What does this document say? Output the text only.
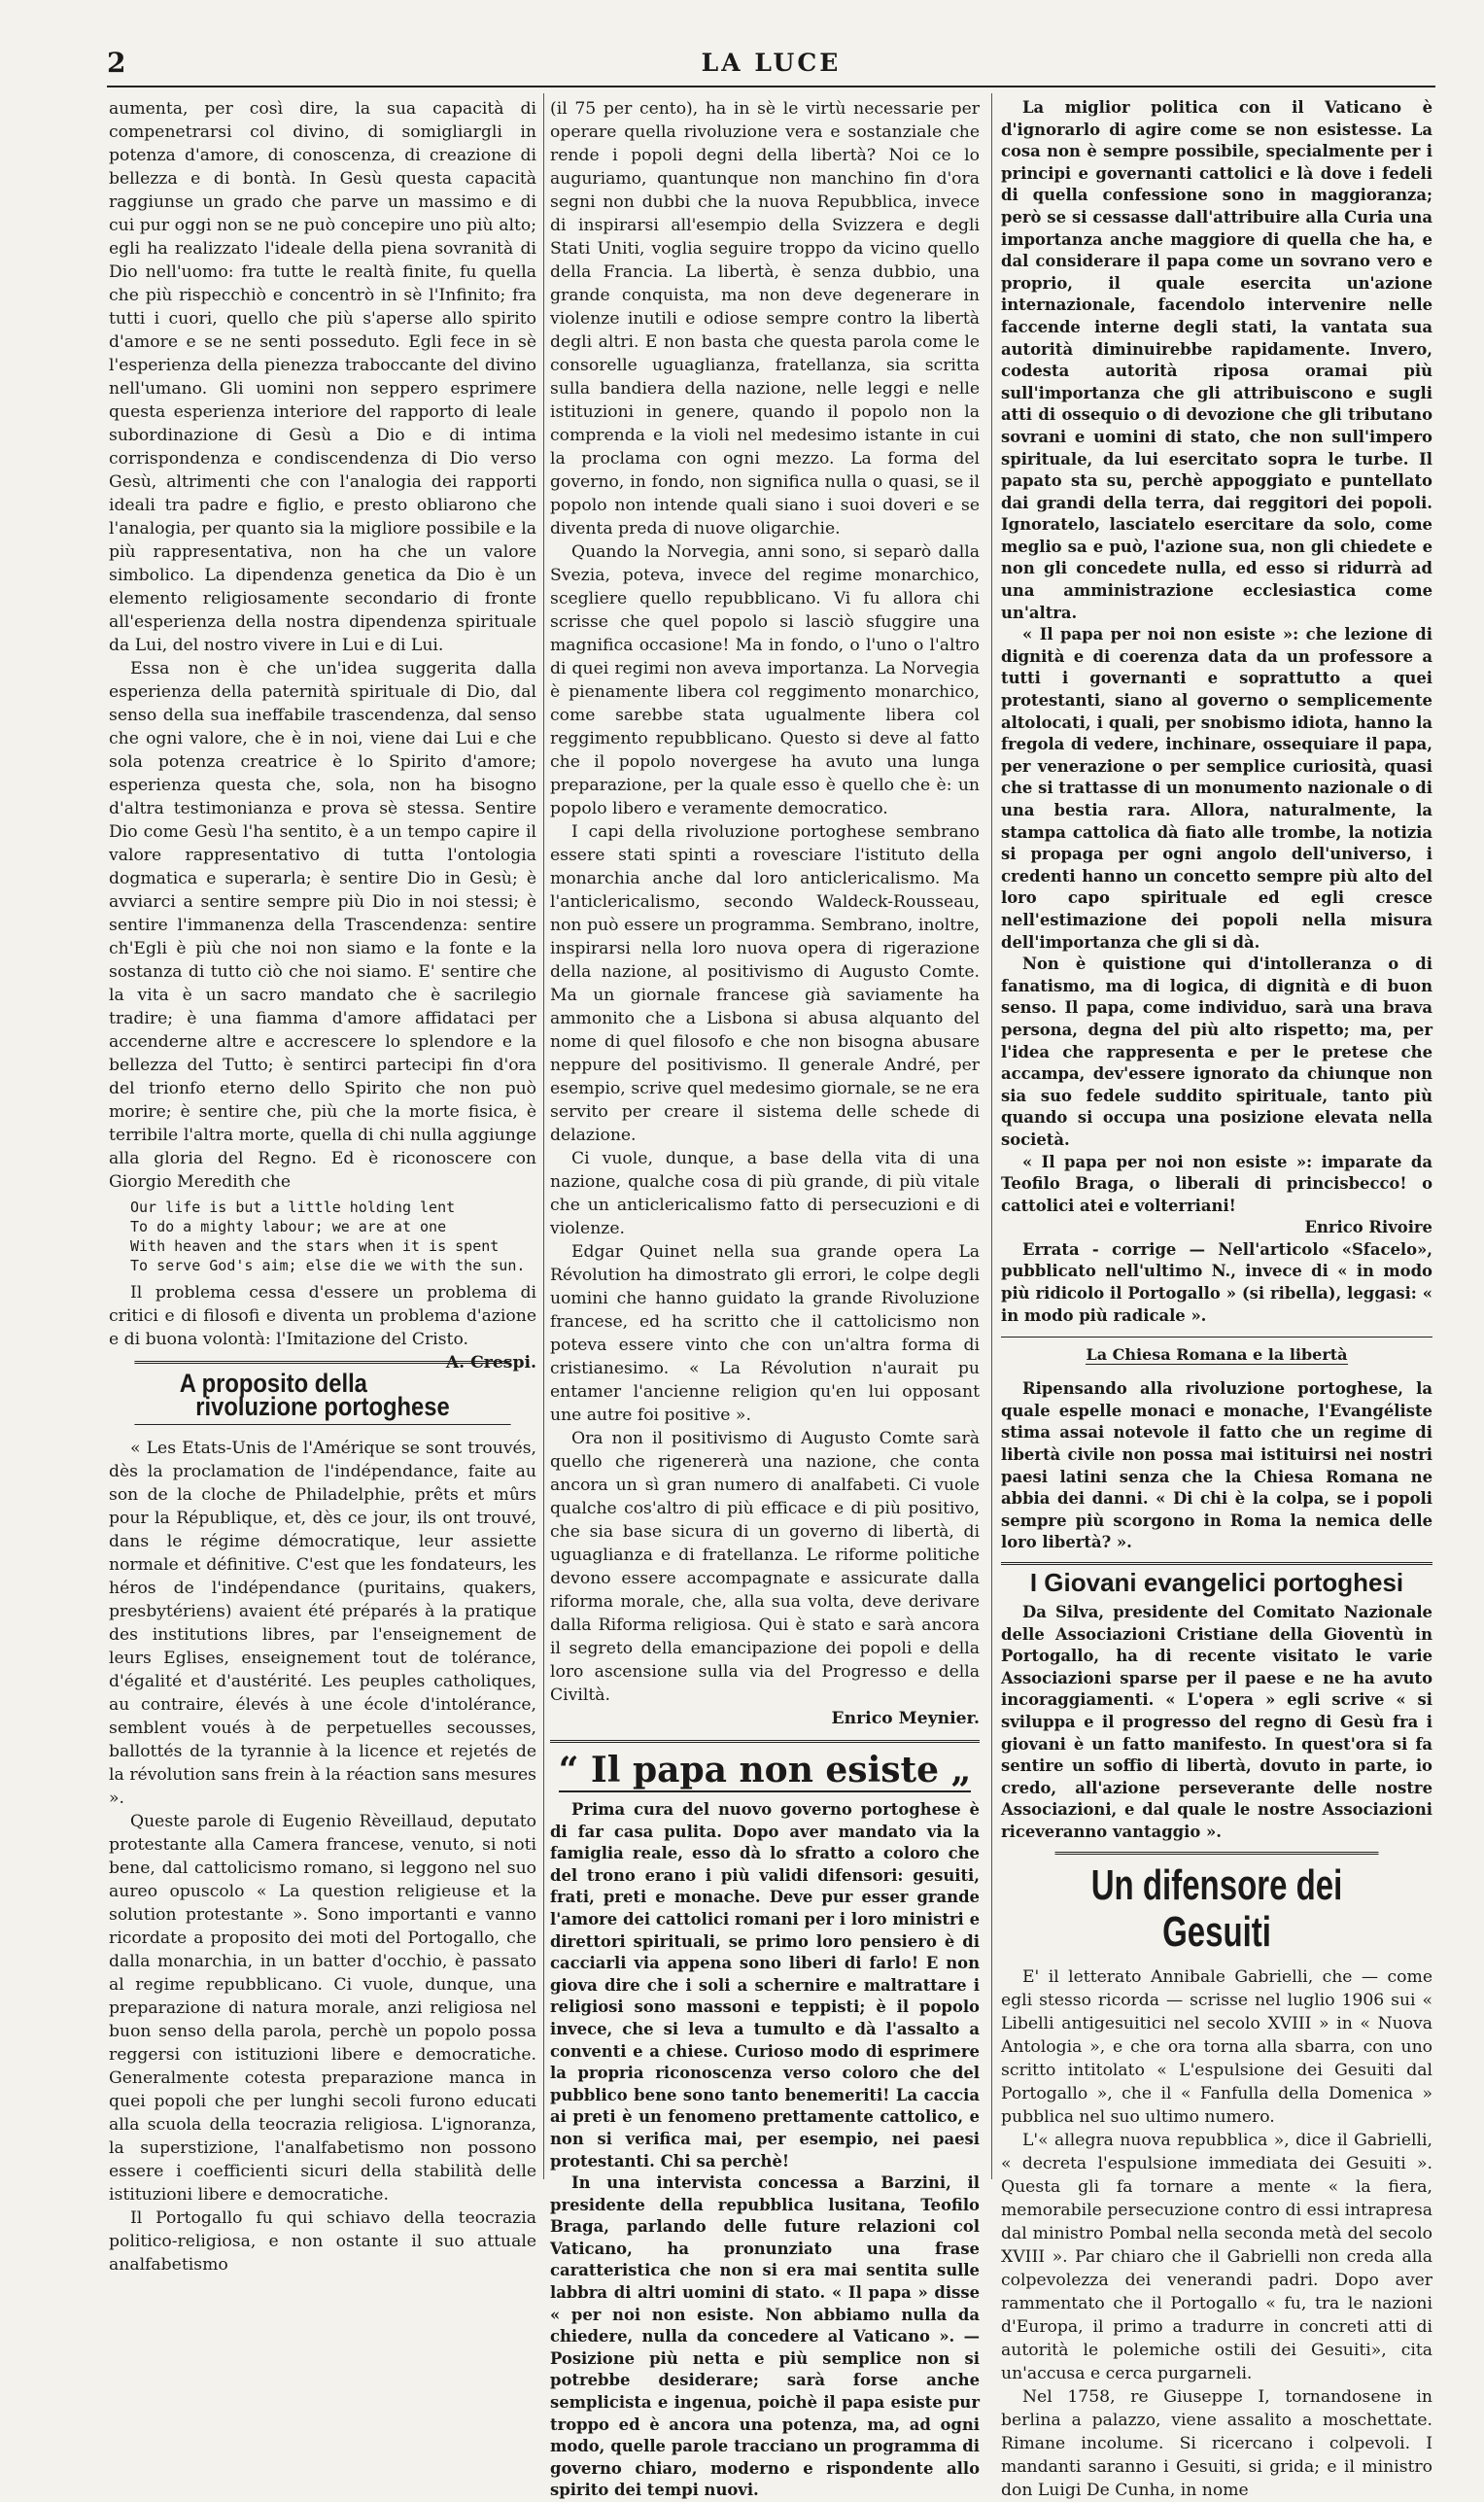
2	LA LUCE

aumenta, per così dire, la sua capacità di compenetrarsi col divino, di somigliargli in potenza d'amore, di conoscenza, di creazione di bellezza e di bontà. In Gesù questa capacità raggiunse un grado che parve un massimo e di cui pur oggi non se ne può concepire uno più alto; egli ha realizzato l'ideale della piena sovranità di Dio nell'uomo: fra tutte le realtà finite, fu quella che più rispecchiò e concentrò in sè l'Infinito; fra tutti i cuori, quello che più s'aperse allo spirito d'amore e se ne senti posseduto. Egli fece in sè l'esperienza della pienezza traboccante del divino nell'umano. Gli uomini non seppero esprimere questa esperienza interiore del rapporto di leale subordinazione di Gesù a Dio e di intima corrispondenza e condiscendenza di Dio verso Gesù, altrimenti che con l'analogia dei rapporti ideali tra padre e figlio, e presto obliarono che l'analogia, per quanto sia la migliore possibile e la più rappresentativa, non ha che un valore simbolico. La dipendenza genetica da Dio è un elemento religiosamente secondario di fronte all'esperienza della nostra dipendenza spirituale da Lui, del nostro vivere in Lui e di Lui.

Essa non è che un'idea suggerita dalla esperienza della paternità spirituale di Dio, dal senso della sua ineffabile trascendenza, dal senso che ogni valore, che è in noi, viene dai Lui e che sola potenza creatrice è lo Spirito d'amore; esperienza questa che, sola, non ha bisogno d'altra testimonianza e prova sè stessa. Sentire Dio come Gesù l'ha sentito, è a un tempo capire il valore rappresentativo di tutta l'ontologia dogmatica e superarla; è sentire Dio in Gesù; è avviarci a sentire sempre più Dio in noi stessi; è sentire l'immanenza della Trascendenza: sentire ch'Egli è più che noi non siamo e la fonte e la sostanza di tutto ciò che noi siamo. E' sentire che la vita è un sacro mandato che è sacrilegio tradire; è una fiamma d'amore affidataci per accenderne altre e accrescere lo splendore e la bellezza del Tutto; è sentirci partecipi fin d'ora del trionfo eterno dello Spirito che non può morire; è sentire che, più che la morte fisica, è terribile l'altra morte, quella di chi nulla aggiunge alla gloria del Regno. Ed è riconoscere con Giorgio Meredith che

Our life is but a little holding lent
To do a mighty labour; we are at one
With heaven and the stars when it is spent
To serve God's aim; else die we with the sun.

Il problema cessa d'essere un problema di critici e di filosofi e diventa un problema d'azione e di buona volontà: l'Imitazione del Cristo.
A. Crespi.

A proposito della rivoluzione portoghese

« Les Etats-Unis de l'Amérique se sont trouvés, dès la proclamation de l'indépendance, faite au son de la cloche de Philadelphie, prêts et mûrs pour la République, et, dès ce jour, ils ont trouvé, dans le régime démocratique, leur assiette normale et définitive. C'est que les fondateurs, les héros de l'indépendance (puritains, quakers, presbytériens) avaient été préparés à la pratique des institutions libres, par l'enseignement de leurs Eglises, enseignement tout de tolérance, d'égalité et d'austérité. Les peuples catholiques, au contraire, élevés à une école d'intolérance, semblent voués à de perpetuelles secousses, ballottés de la tyrannie à la licence et rejetés de la révolution sans frein à la réaction sans mesures ».

Queste parole di Eugenio Rèveillaud, deputato protestante alla Camera francese, venuto, si noti bene, dal cattolicismo romano, si leggono nel suo aureo opuscolo « La question religieuse et la solution protestante ». Sono importanti e vanno ricordate a proposito dei moti del Portogallo, che dalla monarchia, in un batter d'occhio, è passato al regime repubblicano. Ci vuole, dunque, una preparazione di natura morale, anzi religiosa nel buon senso della parola, perchè un popolo possa reggersi con istituzioni libere e democratiche. Generalmente cotesta preparazione manca in quei popoli che per lunghi secoli furono educati alla scuola della teocrazia religiosa. L'ignoranza, la superstizione, l'analfabetismo non possono essere i coefficienti sicuri della stabilità delle istituzioni libere e democratiche.

Il Portogallo fu qui schiavo della teocrazia politico-religiosa, e non ostante il suo attuale analfabetismo

(il 75 per cento), ha in sè le virtù necessarie per operare quella rivoluzione vera e sostanziale che rende i popoli degni della libertà? Noi ce lo auguriamo, quantunque non manchino fin d'ora segni non dubbi che la nuova Repubblica, invece di inspirarsi all'esempio della Svizzera e degli Stati Uniti, voglia seguire troppo da vicino quello della Francia. La libertà, è senza dubbio, una grande conquista, ma non deve degenerare in violenze inutili e odiose sempre contro la libertà degli altri. E non basta che questa parola come le consorelle uguaglianza, fratellanza, sia scritta sulla bandiera della nazione, nelle leggi e nelle istituzioni in genere, quando il popolo non la comprenda e la violi nel medesimo istante in cui la proclama con ogni mezzo. La forma del governo, in fondo, non significa nulla o quasi, se il popolo non intende quali siano i suoi doveri e se diventa preda di nuove oligarchie.

Quando la Norvegia, anni sono, si separò dalla Svezia, poteva, invece del regime monarchico, scegliere quello repubblicano. Vi fu allora chi scrisse che quel popolo si lasciò sfuggire una magnifica occasione! Ma in fondo, o l'uno o l'altro di quei regimi non aveva importanza. La Norvegia è pienamente libera col reggimento monarchico, come sarebbe stata ugualmente libera col reggimento repubblicano. Questo si deve al fatto che il popolo novergese ha avuto una lunga preparazione, per la quale esso è quello che è: un popolo libero e veramente democratico.

I capi della rivoluzione portoghese sembrano essere stati spinti a rovesciare l'istituto della monarchia anche dal loro anticlericalismo. Ma l'anticlericalismo, secondo Waldeck-Rousseau, non può essere un programma. Sembrano, inoltre, inspirarsi nella loro nuova opera di rigerazione della nazione, al positivismo di Augusto Comte. Ma un giornale francese già saviamente ha ammonito che a Lisbona si abusa alquanto del nome di quel filosofo e che non bisogna abusare neppure del positivismo. Il generale André, per esempio, scrive quel medesimo giornale, se ne era servito per creare il sistema delle schede di delazione.

Ci vuole, dunque, a base della vita di una nazione, qualche cosa di più grande, di più vitale che un anticlericalismo fatto di persecuzioni e di violenze.

Edgar Quinet nella sua grande opera La Révolution ha dimostrato gli errori, le colpe degli uomini che hanno guidato la grande Rivoluzione francese, ed ha scritto che il cattolicismo non poteva essere vinto che con un'altra forma di cristianesimo. « La Révolution n'aurait pu entamer l'ancienne religion qu'en lui opposant une autre foi positive ».

Ora non il positivismo di Augusto Comte sarà quello che rigenererà una nazione, che conta ancora un sì gran numero di analfabeti. Ci vuole qualche cos'altro di più efficace e di più positivo, che sia base sicura di un governo di libertà, di uguaglianza e di fratellanza. Le riforme politiche devono essere accompagnate e assicurate dalla riforma morale, che, alla sua volta, deve derivare dalla Riforma religiosa. Qui è stato e sarà ancora il segreto della emancipazione dei popoli e della loro ascensione sulla via del Progresso e della Civiltà.

Enrico Meynier.

“ Il papa non esiste „

Prima cura del nuovo governo portoghese è di far casa pulita. Dopo aver mandato via la famiglia reale, esso dà lo sfratto a coloro che del trono erano i più validi difensori: gesuiti, frati, preti e monache. Deve pur esser grande l'amore dei cattolici romani per i loro ministri e direttori spirituali, se primo loro pensiero è di cacciarli via appena sono liberi di farlo! E non giova dire che i soli a schernire e maltrattare i religiosi sono massoni e teppisti; è il popolo invece, che si leva a tumulto e dà l'assalto a conventi e a chiese. Curioso modo di esprimere la propria riconoscenza verso coloro che del pubblico bene sono tanto benemeriti! La caccia ai preti è un fenomeno prettamente cattolico, e non si verifica mai, per esempio, nei paesi protestanti. Chi sa perchè!

In una intervista concessa a Barzini, il presidente della repubblica lusitana, Teofilo Braga, parlando delle future relazioni col Vaticano, ha pronunziato una frase caratteristica che non si era mai sentita sulle labbra di altri uomini di stato. « Il papa » disse « per noi non esiste. Non abbiamo nulla da chiedere, nulla da concedere al Vaticano ». — Posizione più netta e più semplice non si potrebbe desiderare; sarà forse anche semplicista e ingenua, poichè il papa esiste pur troppo ed è ancora una potenza, ma, ad ogni modo, quelle parole tracciano un programma di governo chiaro, moderno e rispondente allo spirito dei tempi nuovi.

La miglior politica con il Vaticano è d'ignorarlo di agire come se non esistesse. La cosa non è sempre possibile, specialmente per i principi e governanti cattolici e là dove i fedeli di quella confessione sono in maggioranza; però se si cessasse dall'attribuire alla Curia una importanza anche maggiore di quella che ha, e dal considerare il papa come un sovrano vero e proprio, il quale esercita un'azione internazionale, facendolo intervenire nelle faccende interne degli stati, la vantata sua autorità diminuirebbe rapidamente. Invero, codesta autorità riposa oramai più sull'importanza che gli attribuiscono e sugli atti di ossequio o di devozione che gli tributano sovrani e uomini di stato, che non sull'impero spirituale, da lui esercitato sopra le turbe. Il papato sta su, perchè appoggiato e puntellato dai grandi della terra, dai reggitori dei popoli. Ignoratelo, lasciatelo esercitare da solo, come meglio sa e può, l'azione sua, non gli chiedete e non gli concedete nulla, ed esso si ridurrà ad una amministrazione ecclesiastica come un'altra.

« Il papa per noi non esiste »: che lezione di dignità e di coerenza data da un professore a tutti i governanti e soprattutto a quei protestanti, siano al governo o semplicemente altolocati, i quali, per snobismo idiota, hanno la fregola di vedere, inchinare, ossequiare il papa, per venerazione o per semplice curiosità, quasi che si trattasse di un monumento nazionale o di una bestia rara. Allora, naturalmente, la stampa cattolica dà fiato alle trombe, la notizia si propaga per ogni angolo dell'universo, i credenti hanno un concetto sempre più alto del loro capo spirituale ed egli cresce nell'estimazione dei popoli nella misura dell'importanza che gli si dà.

Non è quistione qui d'intolleranza o di fanatismo, ma di logica, di dignità e di buon senso. Il papa, come individuo, sarà una brava persona, degna del più alto rispetto; ma, per l'idea che rappresenta e per le pretese che accampa, dev'essere ignorato da chiunque non sia suo fedele suddito spirituale, tanto più quando si occupa una posizione elevata nella società.

« Il papa per noi non esiste »: imparate da Teofilo Braga, o liberali di princisbecco! o cattolici atei e volterriani!

Enrico Rivoire

Errata - corrige — Nell'articolo «Sfacelo», pubblicato nell'ultimo N., invece di « in modo più ridicolo il Portogallo » (si ribella), leggasi: « in modo più radicale ».

La Chiesa Romana e la libertà

Ripensando alla rivoluzione portoghese, la quale espelle monaci e monache, l'Evangéliste stima assai notevole il fatto che un regime di libertà civile non possa mai istituirsi nei nostri paesi latini senza che la Chiesa Romana ne abbia dei danni. « Di chi è la colpa, se i popoli sempre più scorgono in Roma la nemica delle loro libertà? ».

I Giovani evangelici portoghesi

Da Silva, presidente del Comitato Nazionale delle Associazioni Cristiane della Gioventù in Portogallo, ha di recente visitato le varie Associazioni sparse per il paese e ne ha avuto incoraggiamenti. « L'opera » egli scrive « si sviluppa e il progresso del regno di Gesù fra i giovani è un fatto manifesto. In quest'ora si fa sentire un soffio di libertà, dovuto in parte, io credo, all'azione perseverante delle nostre Associazioni, e dal quale le nostre Associazioni riceveranno vantaggio ».

Un difensore dei Gesuiti

E' il letterato Annibale Gabrielli, che — come egli stesso ricorda — scrisse nel luglio 1906 sui « Libelli antigesuitici nel secolo XVIII » in « Nuova Antologia », e che ora torna alla sbarra, con uno scritto intitolato « L'espulsione dei Gesuiti dal Portogallo », che il « Fanfulla della Domenica » pubblica nel suo ultimo numero.

L'« allegra nuova repubblica », dice il Gabrielli, « decreta l'espulsione immediata dei Gesuiti ». Questa gli fa tornare a mente « la fiera, memorabile persecuzione contro di essi intrapresa dal ministro Pombal nella seconda metà del secolo XVIII ». Par chiaro che il Gabrielli non creda alla colpevolezza dei venerandi padri. Dopo aver rammentato che il Portogallo « fu, tra le nazioni d'Europa, il primo a tradurre in concreti atti di autorità le polemiche ostili dei Gesuiti», cita un'accusa e cerca purgarneli.

Nel 1758, re Giuseppe I, tornandosene in berlina a palazzo, viene assalito a moschettate. Rimane incolume. Si ricercano i colpevoli. I mandanti saranno i Gesuiti, si grida; e il ministro don Luigi De Cunha, in nome
